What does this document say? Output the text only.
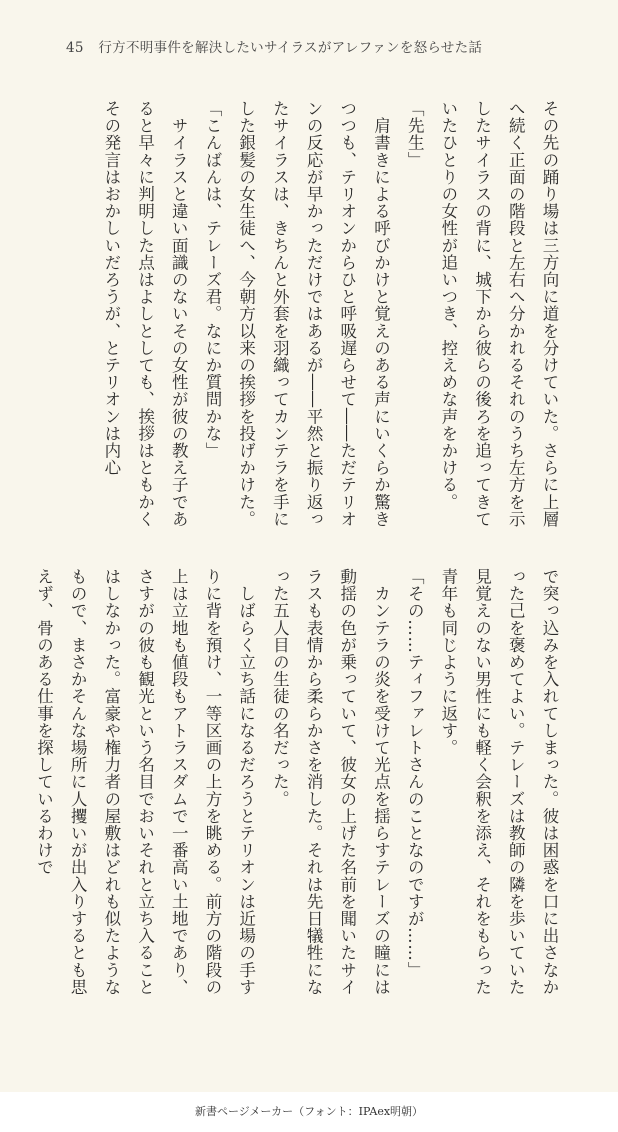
45 行方不明事件を解決したいサイラスがアレファンを怒らせた話

その先の踊り場は三方向に道を分けていた。さらに上層へ続く正面の階段と左右へ分かれるそれのうち左方を示したサイラスの背に、城下から彼らの後ろを追ってきていたひとりの女性が追いつき、控えめな声をかける。

「先生」

　肩書きによる呼びかけと覚えのある声にいくらか驚きつつも、テリオンからひと呼吸遅らせて――ただテリオンの反応が早かっただけではあるが――平然と振り返ったサイラスは、きちんと外套を羽織ってカンテラを手にした銀髪の女生徒へ、今朝方以来の挨拶を投げかけた。

「こんばんは、テレーズ君。なにか質問かな」

　サイラスと違い面識のないその女性が彼の教え子であると早々に判明した点はよしとしても、挨拶はともかくその発言はおかしいだろうが、とテリオンは内心

で突っ込みを入れてしまった。彼は困惑を口に出さなかった己を褒めてよい。テレーズは教師の隣を歩いていた見覚えのない男性にも軽く会釈を添え、それをもらった青年も同じように返す。

「その……ティファレトさんのことなのですが……」

　カンテラの炎を受けて光点を揺らすテレーズの瞳には動揺の色が乗っていて、彼女の上げた名前を聞いたサイラスも表情から柔らかさを消した。それは先日犠牲になった五人目の生徒の名だった。

　しばらく立ち話になるだろうとテリオンは近場の手すりに背を預け、一等区画の上方を眺める。前方の階段の上は立地も値段もアトラスダムで一番高い土地であり、さすがの彼も観光という名目でおいそれと立ち入ることはしなかった。富豪や権力者の屋敷はどれも似たようなもので、まさかそんな場所に人攫いが出入りするとも思えず、骨のある仕事を探しているわけで

新書ページメーカー（フォント：IPAex明朝）
